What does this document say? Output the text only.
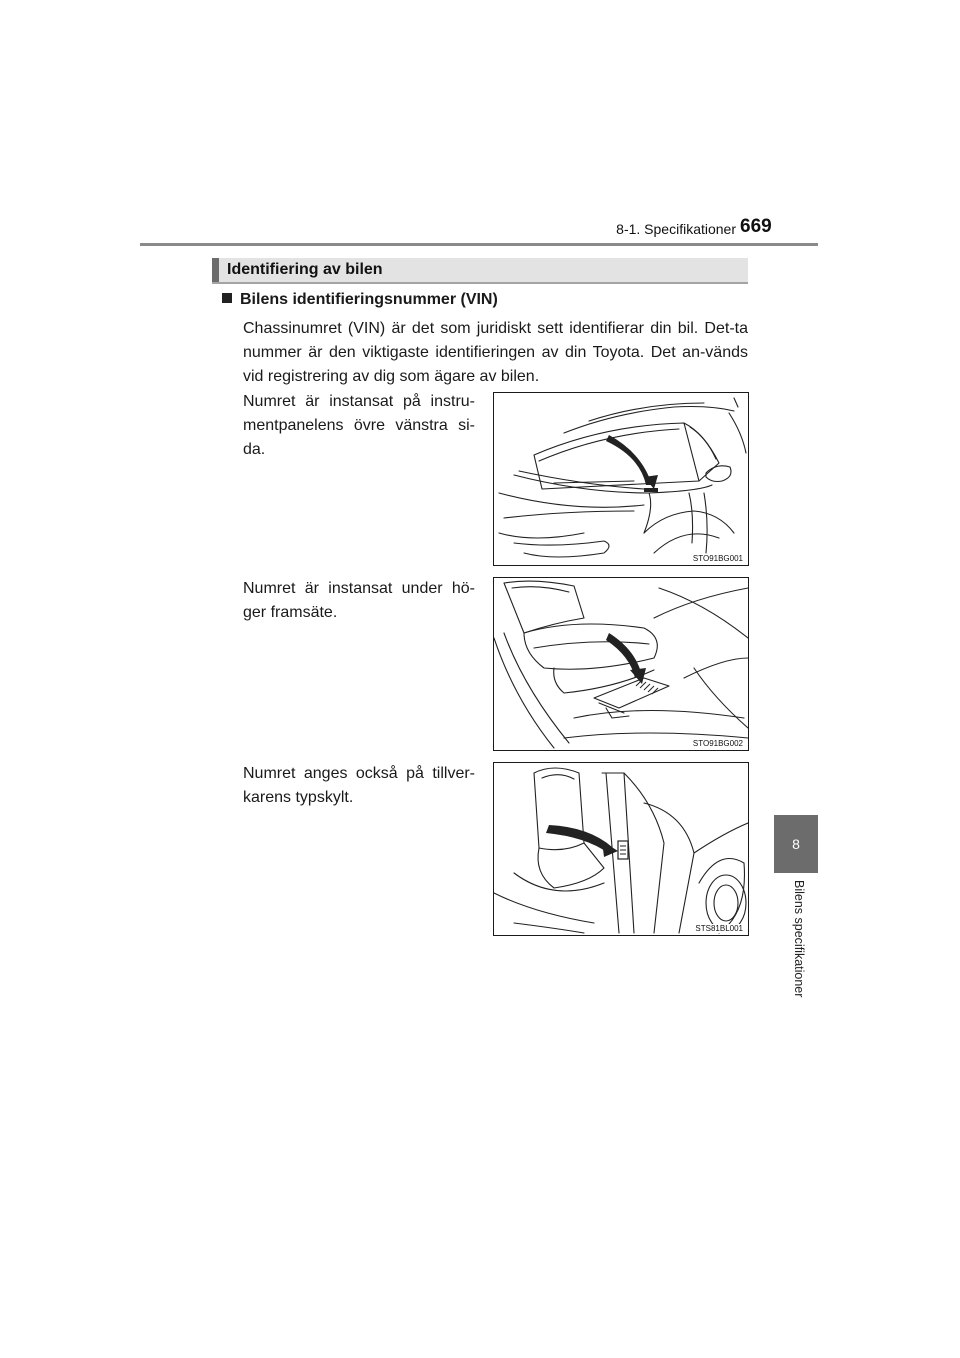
8-1. Specifikationer 669
8
Bilens specifikationer
Identifiering av bilen
Bilens identifieringsnummer (VIN)

Chassinumret (VIN) är det som juridiskt sett identifierar din bil. Det-ta nummer är den viktigaste identifieringen av din Toyota. Det an-vänds vid registrering av dig som ägare av bilen.

Numret är instansat på instru-mentpanelens övre vänstra si-da.

STO91BG001

Numret är instansat under hö-ger framsäte.

STO91BG002

Numret anges också på tillver-karens typskylt.

STS81BL001
